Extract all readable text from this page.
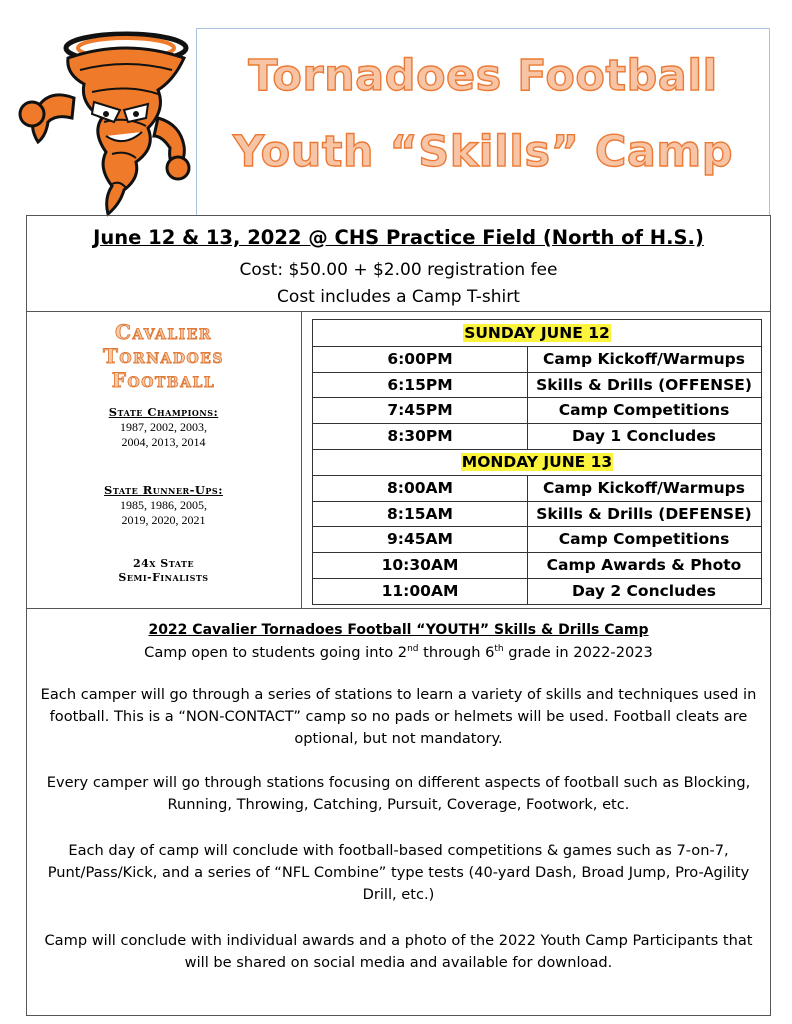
Tornadoes Football
Youth “Skills” Camp
June 12 & 13, 2022 @ CHS Practice Field (North of H.S.)
Cost: $50.00 + $2.00 registration fee
Cost includes a Camp T-shirt
Cavalier
Tornadoes
Football
State Champions:
1987, 2002, 2003,
2004, 2013, 2014
State Runner-Ups:
1985, 1986, 2005,
2019, 2020, 2021
24x State
Semi-Finalists
SUNDAY JUNE 12
6:00PM	Camp Kickoff/Warmups
6:15PM	Skills & Drills (OFFENSE)
7:45PM	Camp Competitions
8:30PM	Day 1 Concludes
MONDAY JUNE 13
8:00AM	Camp Kickoff/Warmups
8:15AM	Skills & Drills (DEFENSE)
9:45AM	Camp Competitions
10:30AM	Camp Awards & Photo
11:00AM	Day 2 Concludes
2022 Cavalier Tornadoes Football “YOUTH” Skills & Drills Camp
Camp open to students going into 2nd through 6th grade in 2022-2023
Each camper will go through a series of stations to learn a variety of skills and techniques used in
football. This is a “NON-CONTACT” camp so no pads or helmets will be used. Football cleats are
optional, but not mandatory.
Every camper will go through stations focusing on different aspects of football such as Blocking,
Running, Throwing, Catching, Pursuit, Coverage, Footwork, etc.
Each day of camp will conclude with football-based competitions & games such as 7-on-7,
Punt/Pass/Kick, and a series of “NFL Combine” type tests (40-yard Dash, Broad Jump, Pro-Agility
Drill, etc.)
Camp will conclude with individual awards and a photo of the 2022 Youth Camp Participants that
will be shared on social media and available for download.
